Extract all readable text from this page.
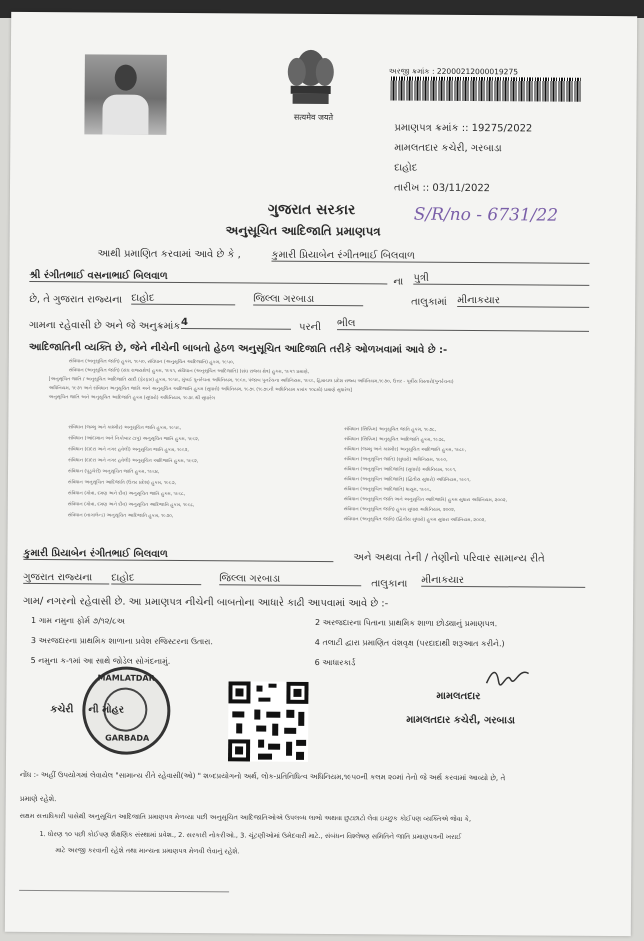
सत्यमेव जयते
અરજી ક્રમાંક : 22000212000019275
પ્રમાણપત્ર ક્રમાંક :: 19275/2022
મામલતદાર કચેરી, ગરબાડા
દાહોદ
તારીખ :: 03/11/2022
ગુજરાત સરકાર
અનુસૂચિત આદિજાતિ પ્રમાણપત્ર
S/R/no - 6731/22
આથી પ્રમાણિત કરવામાં આવે છે કે ,	કુમારી પ્રિયાબેન રંગીતભાઈ બિલવાળ
શ્રી રંગીતભાઈ વસનાભાઈ બિલવાળ
ના પુત્રી
છે, તે ગુજરાત રાજ્યના દાહોદ	જિલ્લા ગરબાડા	તાલુકામાં મીનાકયાર
ગામના રહેવાસી છે અને જે અનુક્રમાંક 4	પરની ભીલ
આદિજાતિની વ્યક્તિ છે, જેને નીચેની બાબતો હેઠળ અનુસૂચિત આદિજાતિ તરીકે ઓળખવામાં આવે છે :-
સંવિધાન (અનુસૂચિત જાતિ) હુકમ, ૧૯૫૦, સંવિધાન (અનુસૂચિત આદિજાતિ) હુકમ, ૧૯૫૦,
સંવિધાન (અનુસૂચિત જાતિ) (સંઘ રાજ્યક્ષેત્ર) હુકમ, ૧૯૫૧, સંવિધાન (અનુસૂચિત આદિજાતિ) (સંઘ રાજ્ય ક્ષેત્ર) હુકમ, ૧૯૫૧ પ્રમાણે,
[અનુસૂચિત જાતિ / અનુસૂચિત આદિજાતિ યાદી (ફેરફાર) હુકમ, ૧૯૫૬, મુંબઈ પુનર્રચના અધિનિયમ, ૧૯૬૦, પંજાબ પુનર્રચના અધિનિયમ, ૧૯૬૬, હિમાચલ પ્રદેશ રાજ્ય અધિનિયમ,૧૯૭૦, ઉત્તર - પૂર્વીય વિસ્તારો(પુનર્રચના)
અધિનિયમ, ૧૯૭૧ અને સંવિધાન અનુસૂચિત જાતિ અને અનુસૂચિત આદિજાતિ હુકમ (સુધારો) અધિનિયમ, ૧૯૭૬ (૧૯૭૬ની અધિનિયમ ક્રમાંક ૧૦૮મો) પ્રમાણે સુધારેલ]
અનુસૂચિત જાતિ અને અનુસૂચિત આદિજાતિ હુકમ (સુધારો) અધિનિયમ, ૧૯૭૬ થી સુધારેલ
સંવિધાન (જમ્મુ અને કાશ્મીર) અનુસૂચિત જાતિ હુકમ, ૧૯૫૬,
સંવિધાન (આંદામાન અને નિકોબાર ટાપુ) અનુસૂચિત જાતિ હુકમ, ૧૯૬૨,
સંવિધાન (દાદરા અને નગર હવેલી) અનુસૂચિત જાતિ હુકમ, ૧૯૬૨,
સંવિધાન (દાદરા અને નગર હવેલી) અનુસૂચિત આદિજાતિ હુકમ, ૧૯૬૨,
સંવિધાન (પુડુચેરી) અનુસૂચિત જાતિ હુકમ, ૧૯૬૪,
સંવિધાન અનુસૂચિત આદિજાતિ (ઉત્તર પ્રદેશ) હુકમ, ૧૯૬૭,
સંવિધાન (ગોવા, દમણ અને દીવ) અનુસૂચિત જાતિ હુકમ, ૧૯૬૮,
સંવિધાન (ગોવા, દમણ અને દીવ) અનુસૂચિત આદિજાતિ હુકમ, ૧૯૬૮,
સંવિધાન (નાગાલેન્ડ) અનુસૂચિત આદિજાતિ હુકમ, ૧૯૭૦,
સંવિધાન (સિક્કિમ) અનુસૂચિત જાતિ હુકમ, ૧૯૭૮,
સંવિધાન (સિક્કિમ) અનુસૂચિત આદિજાતિ હુકમ, ૧૯૭૮,
સંવિધાન (જમ્મુ અને કાશ્મીર) અનુસૂચિત આદિજાતિ હુકમ, ૧૯૮૯,
સંવિધાન (અનુસૂચિત જાતિ) (સુધારો) અધિનિયમ, ૧૯૯૦,
સંવિધાન (અનુસૂચિત આદિજાતિ) (સુધારો) અધિનિયમ, ૧૯૯૧,
સંવિધાન (અનુસૂચિત આદિજાતિ) (દ્વિતીય સુધારો) અધિનિયમ, ૧૯૯૧,
સંવિધાન (અનુસૂચિત આદિજાતિ) ધાયુમ, ૧૯૯૬,
સંવિધાન (અનુસૂચિત જાતિ અને અનુસૂચિત આદિજાતિ) હુકમ સુધારા અધિનિયમ, ૨૦૦૨,
સંવિધાન (અનુસૂચિત જાતિ) હુકમ સુધારા અધિનિયમ, ૨૦૦૨,
સંવિધાન (અનુસૂચિત જાતિ) (દ્વિતીય સુધારો) હુકમ સુધારા અધિનિયમ, ૨૦૦૨,
કુમારી પ્રિયાબેન રંગીતભાઈ બિલવાળ	અને અથવા તેની / તેણીનો પરિવાર સામાન્ય રીતે
ગુજરાત રાજ્યના	દાહોદ	જિલ્લા ગરબાડા	તાલુકાના મીનાકયાર
ગામ/ નગરનો રહેવાસી છે. આ પ્રમાણપત્ર નીચેની બાબતોના આધારે કાઢી આપવામાં આવે છે :-
1 ગામ નમુના ફોર્મ ૭/૧૨/૮અ	2 અરજદારના પિતાના પ્રાથમિક શાળા છોડ્યાનું પ્રમાણપત્ર.
3 અરજદારના પ્રાથમિક શાળાના પ્રવેશ રજિસ્ટરના ઉતારા.	4 તલાટી દ્વારા પ્રમાણિત વંશવૃક્ષ (પરદાદાથી શરૂઆત કરીને.)
5 નમુના ક-૧માં આ સાથે જોડેલ સોગંદનામું.	6 આધારકાર્ડ
MAMLATDAR
GARBADA
કચેરી ની મોહર
મામલતદાર
મામલતદાર કચેરી, ગરબાડા
નોંધ :- અહીં ઉપયોગમાં લેવાયેલ "સામાન્ય રીતે રહેવાસી(ઓ) " શબ્દપ્રયોગનો અર્થ, લોક-પ્રતિનિધિત્વ અધિનિયમ,૧૯૫૦ની કલમ ૨૦માં તેનો જે અર્થ કરવામાં આવ્યો છે, તે
પ્રમાણે રહેશે.
સક્ષમ સત્તાધિકારી પાસેથી અનુસૂચિત આદિજાતિ પ્રમાણપત્ર મેળવ્યા પછી અનુસૂચિત આદિજાતિઓએ ઉપલબ્ધ લાભો અથવા છુટછાટો લેવા ઇચ્છુક કોઈપણ વ્યક્તિએ જેવા કે,
1. ધોરણ ૧૦ પછી કોઈપણ શૈક્ષણિક સંસ્થામાં પ્રવેશ., 2. સરકારી નોકરીઓ., 3. ચૂંટણીઓમાં ઉમેદવારી માટે., સંબંધન વિશ્લેષણ સમિતિને જાતિ પ્રમાણપત્રની ખરાઈ
માટે અરજી કરવાની રહેશે તથા માન્યતા પ્રમાણપત્ર મેળવી લેવાનું રહેશે.
